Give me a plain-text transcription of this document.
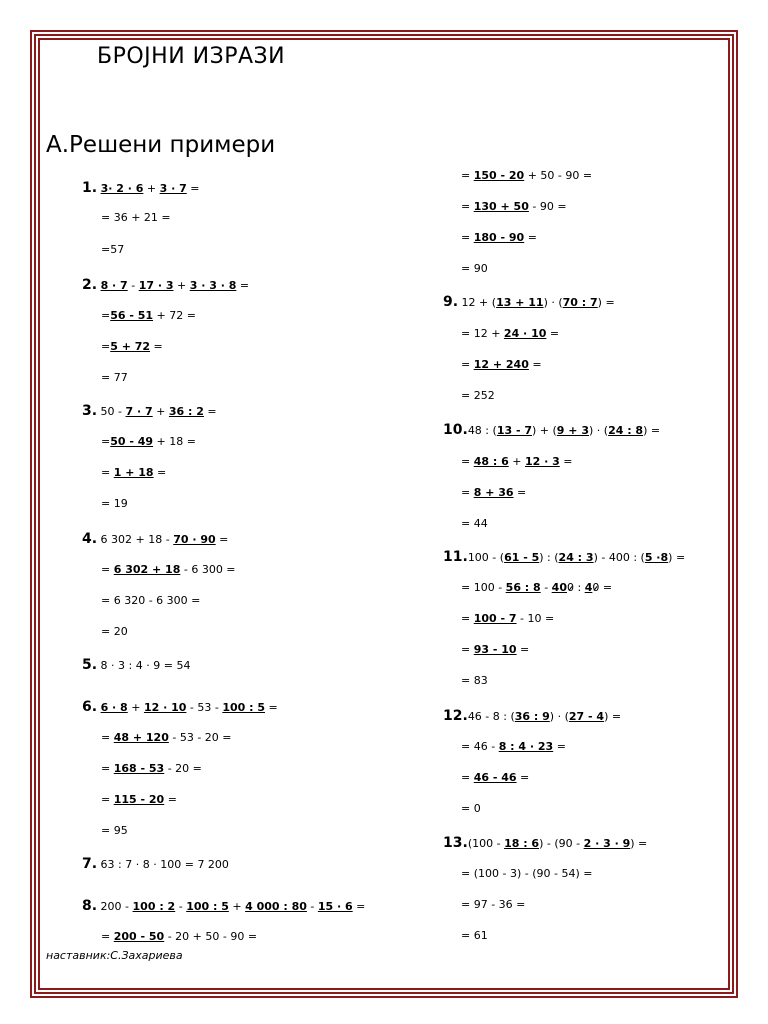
БРОЈНИ ИЗРАЗИ
А.Решени примери
1. 3· 2 · 6 + 3 · 7 =
= 36 + 21 =
=57
2. 8 · 7 - 17 · 3 + 3 · 3 · 8 =
=56 - 51 + 72 =
=5 + 72 =
= 77
3. 50 - 7 · 7 + 36 : 2 =
=50 - 49 + 18 =
= 1 + 18 =
= 19
4. 6 302 + 18 - 70 · 90 =
= 6 302 + 18 - 6 300 =
= 6 320 - 6 300 =
= 20
5. 8 · 3 : 4 · 9 = 54
6. 6 · 8 + 12 · 10 - 53 - 100 : 5 =
= 48 + 120 - 53 - 20 =
= 168 - 53 - 20 =
= 115 - 20 =
= 95
7. 63 : 7 · 8 · 100 = 7 200
8. 200 - 100 : 2 - 100 : 5 + 4 000 : 80 - 15 · 6 =
= 200 - 50 - 20 + 50 - 90 =
= 150 - 20 + 50 - 90 =
= 130 + 50 - 90 =
= 180 - 90 =
= 90
9. 12 + (13 + 11) · (70 : 7) =
= 12 + 24 · 10 =
= 12 + 240 =
= 252
10.48 : (13 - 7) + (9 + 3) · (24 : 8) =
= 48 : 6 + 12 · 3 =
= 8 + 36 =
= 44
11.100 - (61 - 5) : (24 : 3) - 400 : (5 ·8) =
= 100 - 56 : 8 - 400 : 40 =
= 100 - 7 - 10 =
= 93 - 10 =
= 83
12.46 - 8 : (36 : 9) · (27 - 4) =
= 46 - 8 : 4 · 23 =
= 46 - 46 =
= 0
13.(100 - 18 : 6) - (90 - 2 · 3 · 9) =
= (100 - 3) - (90 - 54) =
= 97 - 36 =
= 61
наставник:С.Захариева
